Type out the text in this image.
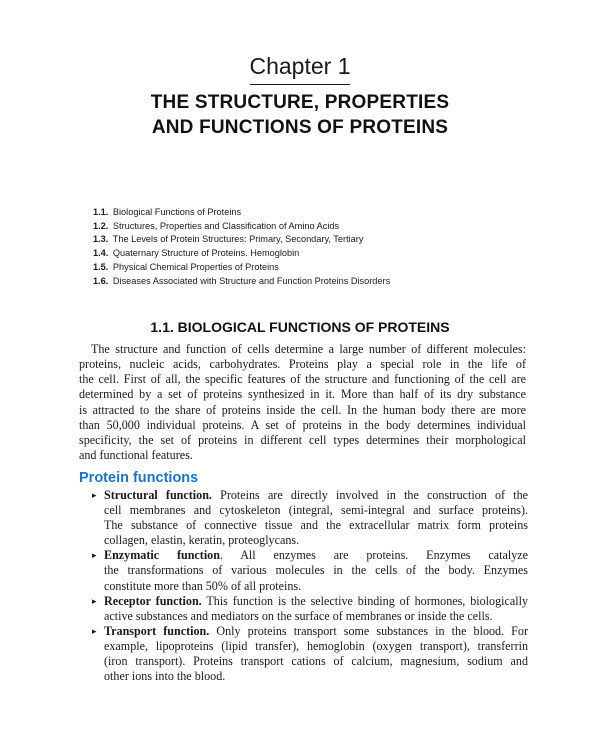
Chapter 1
THE STRUCTURE, PROPERTIES
AND FUNCTIONS OF PROTEINS
1.1. Biological Functions of Proteins
1.2. Structures, Properties and Classification of Amino Acids
1.3. The Levels of Protein Structures: Primary, Secondary, Tertiary
1.4. Quaternary Structure of Proteins. Hemoglobin
1.5. Physical Chemical Properties of Proteins
1.6. Diseases Associated with Structure and Function Proteins Disorders
1.1. BIOLOGICAL FUNCTIONS OF PROTEINS
The structure and function of cells determine a large number of different molecules:
proteins, nucleic acids, carbohydrates. Proteins play a special role in the life of
the cell. First of all, the specific features of the structure and functioning of the cell are
determined by a set of proteins synthesized in it. More than half of its dry substance
is attracted to the share of proteins inside the cell. In the human body there are more
than 50,000 individual proteins. A set of proteins in the body determines individual
specificity, the set of proteins in different cell types determines their morphological
and functional features.
Protein functions
▸ Structural function. Proteins are directly involved in the construction of the
cell membranes and cytoskeleton (integral, semi-integral and surface proteins).
The substance of connective tissue and the extracellular matrix form proteins
collagen, elastin, keratin, proteoglycans.
▸ Enzymatic function. All enzymes are proteins. Enzymes catalyze
the transformations of various molecules in the cells of the body. Enzymes
constitute more than 50% of all proteins.
▸ Receptor function. This function is the selective binding of hormones, biologically
active substances and mediators on the surface of membranes or inside the cells.
▸ Transport function. Only proteins transport some substances in the blood. For
example, lipoproteins (lipid transfer), hemoglobin (oxygen transport), transferrin
(iron transport). Proteins transport cations of calcium, magnesium, sodium and
other ions into the blood.
